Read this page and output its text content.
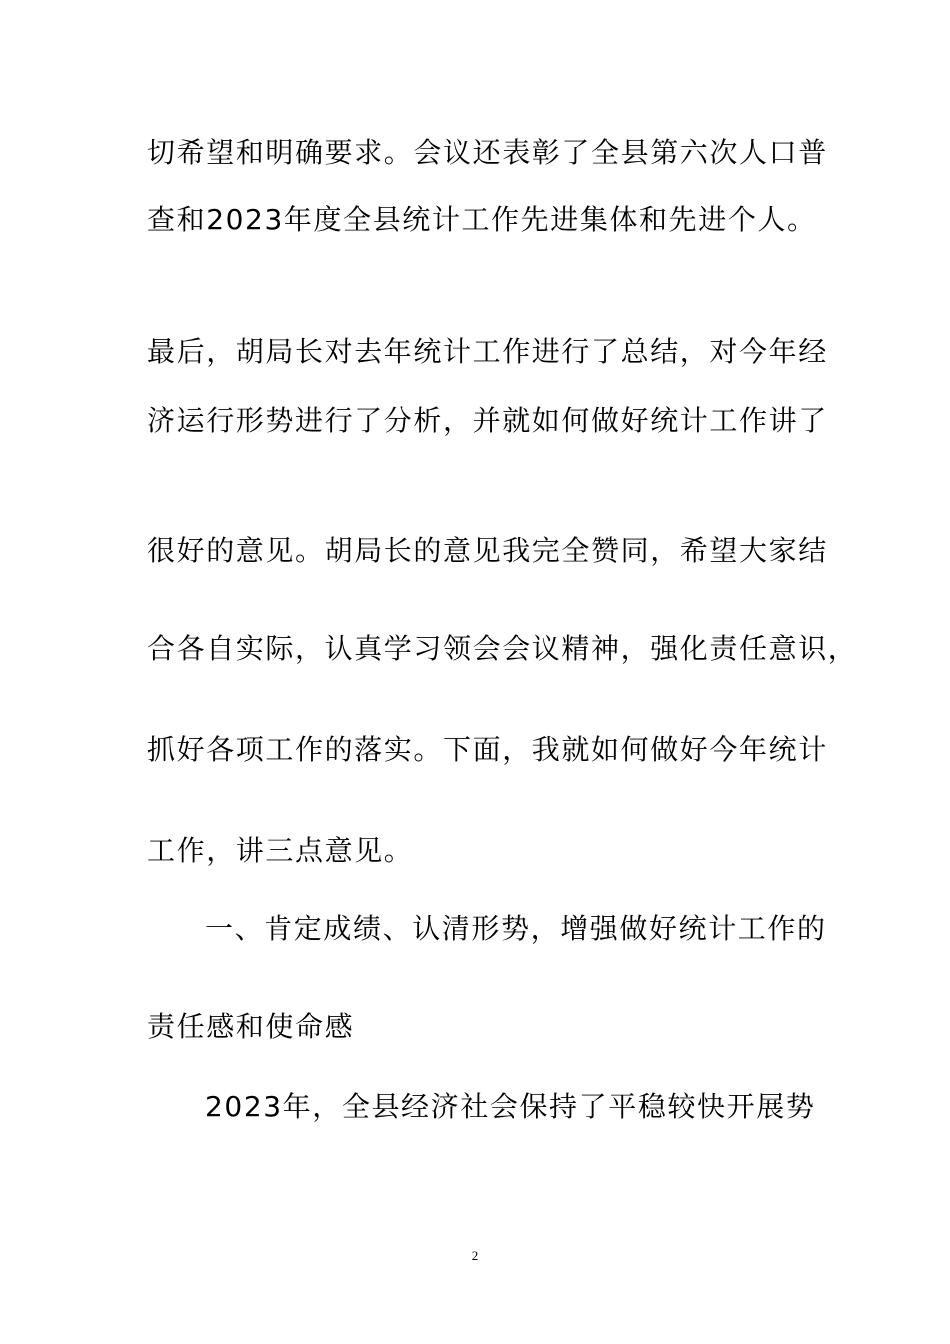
切希望和明确要求。会议还表彰了全县第六次人口普
查和2023年度全县统计工作先进集体和先进个人。
最后，胡局长对去年统计工作进行了总结，对今年经
济运行形势进行了分析，并就如何做好统计工作讲了
很好的意见。胡局长的意见我完全赞同，希望大家结
合各自实际，认真学习领会会议精神，强化责任意识，
抓好各项工作的落实。下面，我就如何做好今年统计
工作，讲三点意见。
一、肯定成绩、认清形势，增强做好统计工作的
责任感和使命感
2023年，全县经济社会保持了平稳较快开展势
2
